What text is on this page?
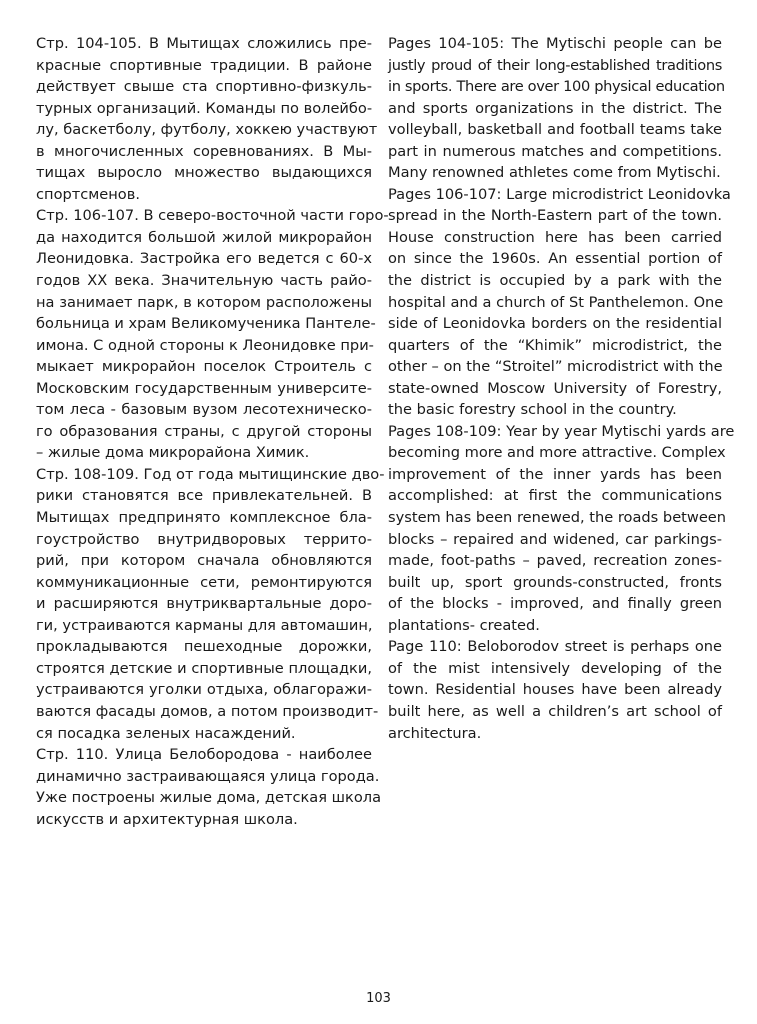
Стр. 104-105. В Мытищах сложились пре-
красные спортивные традиции. В районе
действует свыше ста спортивно-физкуль-
турных организаций. Команды по волейбо-
лу, баскетболу, футболу, хоккею участвуют
в многочисленных соревнованиях. В Мы-
тищах выросло множество выдающихся
спортсменов.
Стр. 106-107. В северо-восточной части горо-
да находится большой жилой микрорайон
Леонидовка. Застройка его ведется с 60-х
годов XX века. Значительную часть райо-
на занимает парк, в котором расположены
больница и храм Великомученика Пантеле-
имона. С одной стороны к Леонидовке при-
мыкает микрорайон поселок Строитель с
Московским государственным университе-
том леса - базовым вузом лесотехническо-
го образования страны, с другой стороны
– жилые дома микрорайона Химик.
Стр. 108-109. Год от года мытищинские дво-
рики становятся все привлекательней. В
Мытищах предпринято комплексное бла-
гоустройство внутридворовых террито-
рий, при котором сначала обновляются
коммуникационные сети, ремонтируются
и расширяются внутриквартальные доро-
ги, устраиваются карманы для автомашин,
прокладываются пешеходные дорожки,
строятся детские и спортивные площадки,
устраиваются уголки отдыха, облагоражи-
ваются фасады домов, а потом производит-
ся посадка зеленых насаждений.
Стр. 110. Улица Белобородова - наиболее
динамично застраивающаяся улица города.
Уже построены жилые дома, детская школа
искусств и архитектурная школа.
Pages 104-105: The Mytischi people can be
justly proud of their long-established traditions
in sports. There are over 100 physical education
and sports organizations in the district. The
volleyball, basketball and football teams take
part in numerous matches and competitions.
Many renowned athletes come from Mytischi.
Pages 106-107: Large microdistrict Leonidovka
spread in the North-Eastern part of the town.
House construction here has been carried
on since the 1960s. An essential portion of
the district is occupied by a park with the
hospital and a church of St Panthelemon. One
side of Leonidovka borders on the residential
quarters of the “Khimik” microdistrict, the
other – on the “Stroitel” microdistrict with the
state-owned Moscow University of Forestry,
the basic forestry school in the country.
Pages 108-109: Year by year Mytischi yards are
becoming more and more attractive. Complex
improvement of the inner yards has been
accomplished: at first the communications
system has been renewed, the roads between
blocks – repaired and widened, car parkings-
made, foot-paths – paved, recreation zones-
built up, sport grounds-constructed, fronts
of the blocks - improved, and finally green
plantations- created.
Page 110: Beloborodov street is perhaps one
of the mist intensively developing of the
town. Residential houses have been already
built here, as well a children’s art school of
architectura.
103
